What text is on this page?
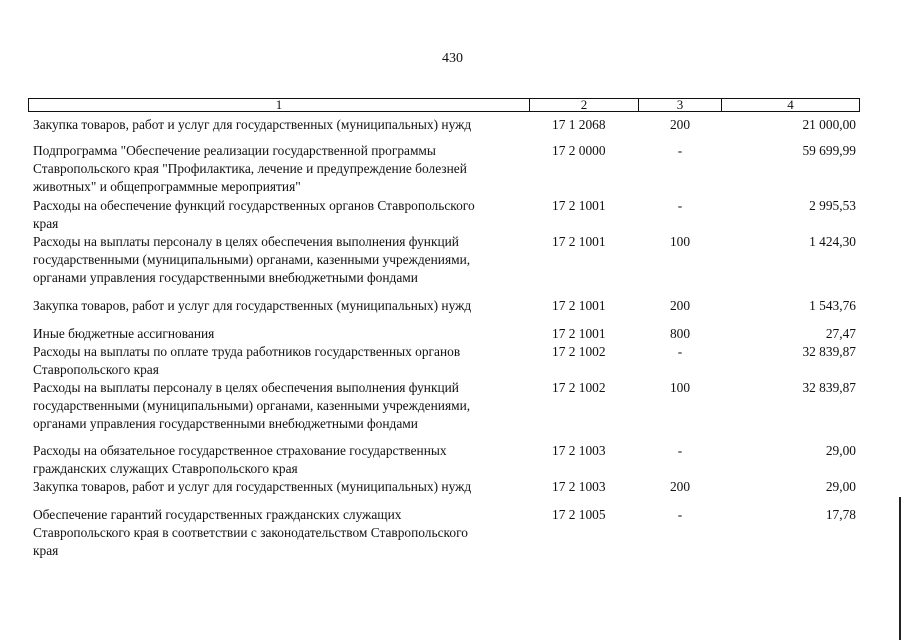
430
1	2	3	4
Закупка товаров, работ и услуг для государственных (муниципальных) нужд	17 1 2068	200	21 000,00
Подпрограмма "Обеспечение реализации государственной программы
Ставропольского края "Профилактика, лечение и предупреждение болезней
животных" и общепрограммные мероприятия"
17 2 0000	-	59 699,99
Расходы на обеспечение функций государственных органов Ставропольского
края
17 2 1001	-	2 995,53
Расходы на выплаты персоналу в целях обеспечения выполнения функций
государственными (муниципальными) органами, казенными учреждениями,
органами управления государственными внебюджетными фондами
17 2 1001	100	1 424,30
Закупка товаров, работ и услуг для государственных (муниципальных) нужд	17 2 1001	200	1 543,76
Иные бюджетные ассигнования	17 2 1001	800	27,47
Расходы на выплаты по оплате труда работников государственных органов
Ставропольского края
17 2 1002	-	32 839,87
Расходы на выплаты персоналу в целях обеспечения выполнения функций
государственными (муниципальными) органами, казенными учреждениями,
органами управления государственными внебюджетными фондами
17 2 1002	100	32 839,87
Расходы на обязательное государственное страхование государственных
гражданских служащих Ставропольского края
17 2 1003	-	29,00
Закупка товаров, работ и услуг для государственных (муниципальных) нужд	17 2 1003	200	29,00
Обеспечение гарантий государственных гражданских служащих
Ставропольского края в соответствии с законодательством Ставропольского
края
17 2 1005	-	17,78
